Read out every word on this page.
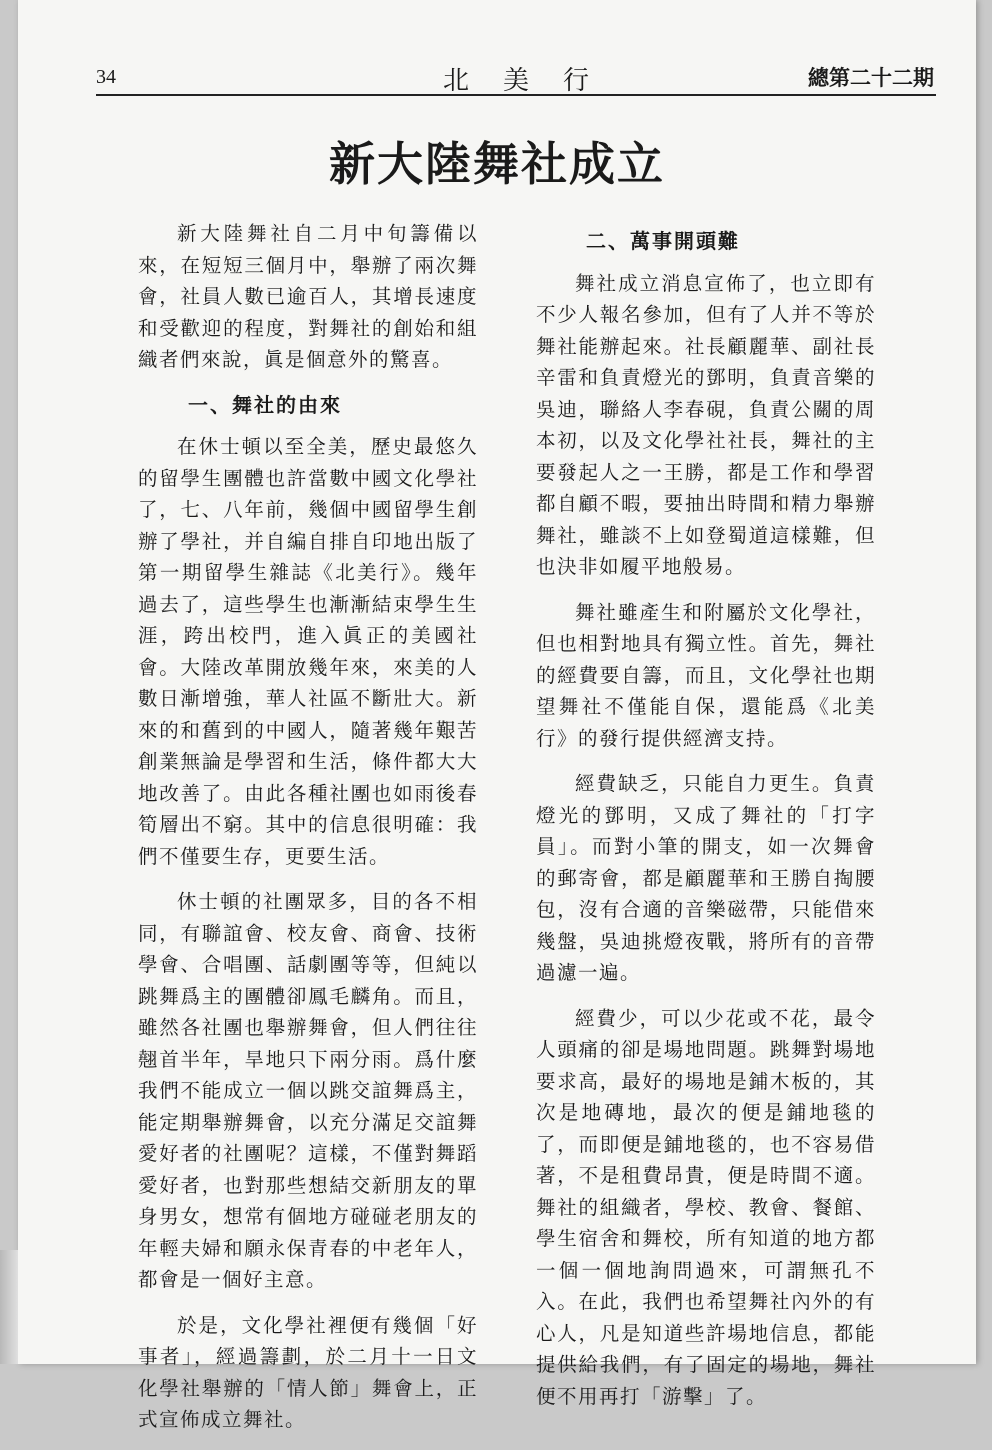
34	北美行	總第二十二期
新大陸舞社成立

新大陸舞社自二月中旬籌備以來，在短短三個月中，舉辦了兩次舞會，社員人數已逾百人，其增長速度和受歡迎的程度，對舞社的創始和組織者們來說，眞是個意外的驚喜。

一、舞社的由來

在休士頓以至全美，歷史最悠久的留學生團體也許當數中國文化學社了，七、八年前，幾個中國留學生創辦了學社，并自編自排自印地出版了第一期留學生雜誌《北美行》。幾年過去了，這些學生也漸漸結束學生生涯，跨出校門，進入眞正的美國社會。大陸改革開放幾年來，來美的人數日漸增強，華人社區不斷壯大。新來的和舊到的中國人，隨著幾年艱苦創業無論是學習和生活，條件都大大地改善了。由此各種社團也如雨後春筍層出不窮。其中的信息很明確：我們不僅要生存，更要生活。

休士頓的社團眾多，目的各不相同，有聯誼會、校友會、商會、技術學會、合唱團、話劇團等等，但純以跳舞爲主的團體卻鳳毛麟角。而且，雖然各社團也舉辦舞會，但人們往往翹首半年，旱地只下兩分雨。爲什麼我們不能成立一個以跳交誼舞爲主，能定期舉辦舞會，以充分滿足交誼舞愛好者的社團呢？這樣，不僅對舞蹈愛好者，也對那些想結交新朋友的單身男女，想常有個地方碰碰老朋友的年輕夫婦和願永保青春的中老年人，都會是一個好主意。

於是，文化學社裡便有幾個「好事者」，經過籌劃，於二月十一日文化學社舉辦的「情人節」舞會上，正式宣佈成立舞社。

二、萬事開頭難

舞社成立消息宣佈了，也立即有不少人報名參加，但有了人并不等於舞社能辦起來。社長顧麗華、副社長辛雷和負責燈光的鄧明，負責音樂的吳迪，聯絡人李春硯，負責公關的周本初，以及文化學社社長，舞社的主要發起人之一王勝，都是工作和學習都自顧不暇，要抽出時間和精力舉辦舞社，雖談不上如登蜀道這樣難，但也決非如履平地般易。

舞社雖產生和附屬於文化學社，但也相對地具有獨立性。首先，舞社的經費要自籌，而且，文化學社也期望舞社不僅能自保，還能爲《北美行》的發行提供經濟支持。

經費缺乏，只能自力更生。負責燈光的鄧明，又成了舞社的「打字員」。而對小筆的開支，如一次舞會的郵寄會，都是顧麗華和王勝自掏腰包，沒有合適的音樂磁帶，只能借來幾盤，吳迪挑燈夜戰，將所有的音帶過濾一遍。

經費少，可以少花或不花，最令人頭痛的卻是場地問題。跳舞對場地要求高，最好的場地是鋪木板的，其次是地磚地，最次的便是鋪地毯的了，而即便是鋪地毯的，也不容易借著，不是租費昂貴，便是時間不適。舞社的組織者，學校、教會、餐館、學生宿舍和舞校，所有知道的地方都一個一個地詢問過來，可謂無孔不入。在此，我們也希望舞社內外的有心人，凡是知道些許場地信息，都能提供給我們，有了固定的場地，舞社便不用再打「游擊」了。
